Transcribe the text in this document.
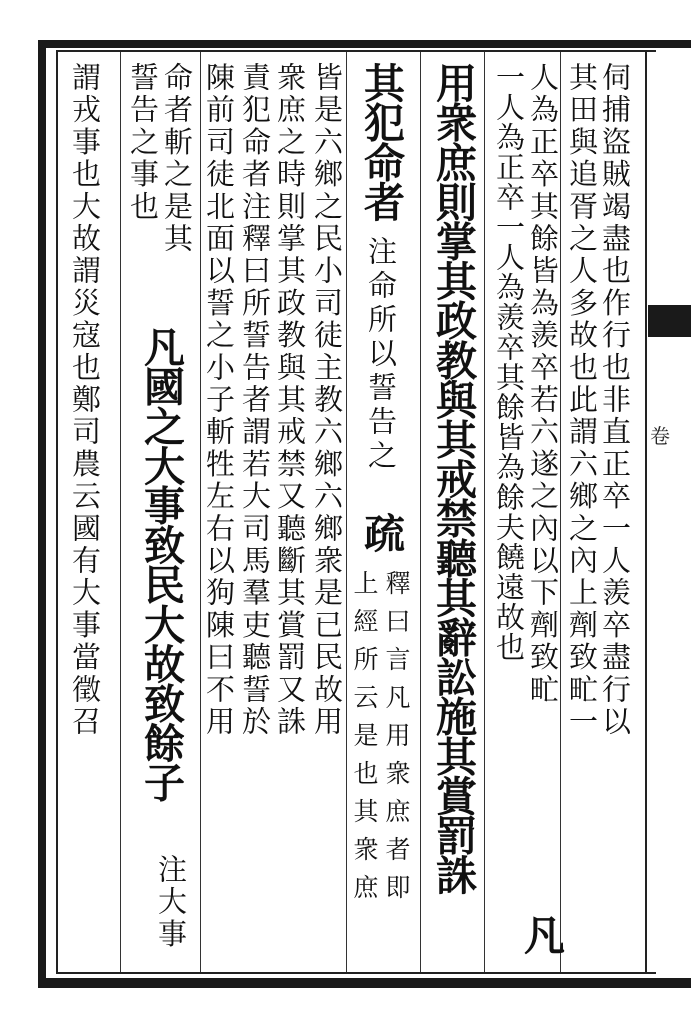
伺捕盜賊竭盡也作行也非直正卒一人羨卒盡行以
其田與追胥之人多故也此謂六鄉之內上劑致甿一
人為正卒其餘皆為羨卒若六遂之內以下劑致甿
一人為正卒一人為羨卒其餘皆為餘夫饒遠故也
凡
用衆庶則掌其政教與其戒禁聽其辭訟施其賞罰誅
其犯命者
注命所以誓告之
疏
釋曰言凡用衆庶者即
上經所云是也其衆庶
皆是六鄉之民小司徒主教六鄉六鄉衆是已民故用
衆庶之時則掌其政教與其戒禁又聽斷其賞罰又誅
責犯命者注釋曰所誓告者謂若大司馬羣吏聽誓於
陳前司徒北面以誓之小子斬牲左右以狗陳曰不用
命者斬之是其
誓告之事也
凡國之大事致民大故致餘子
注大事
謂戎事也大故謂災寇也鄭司農云國有大事當徵召	卷
